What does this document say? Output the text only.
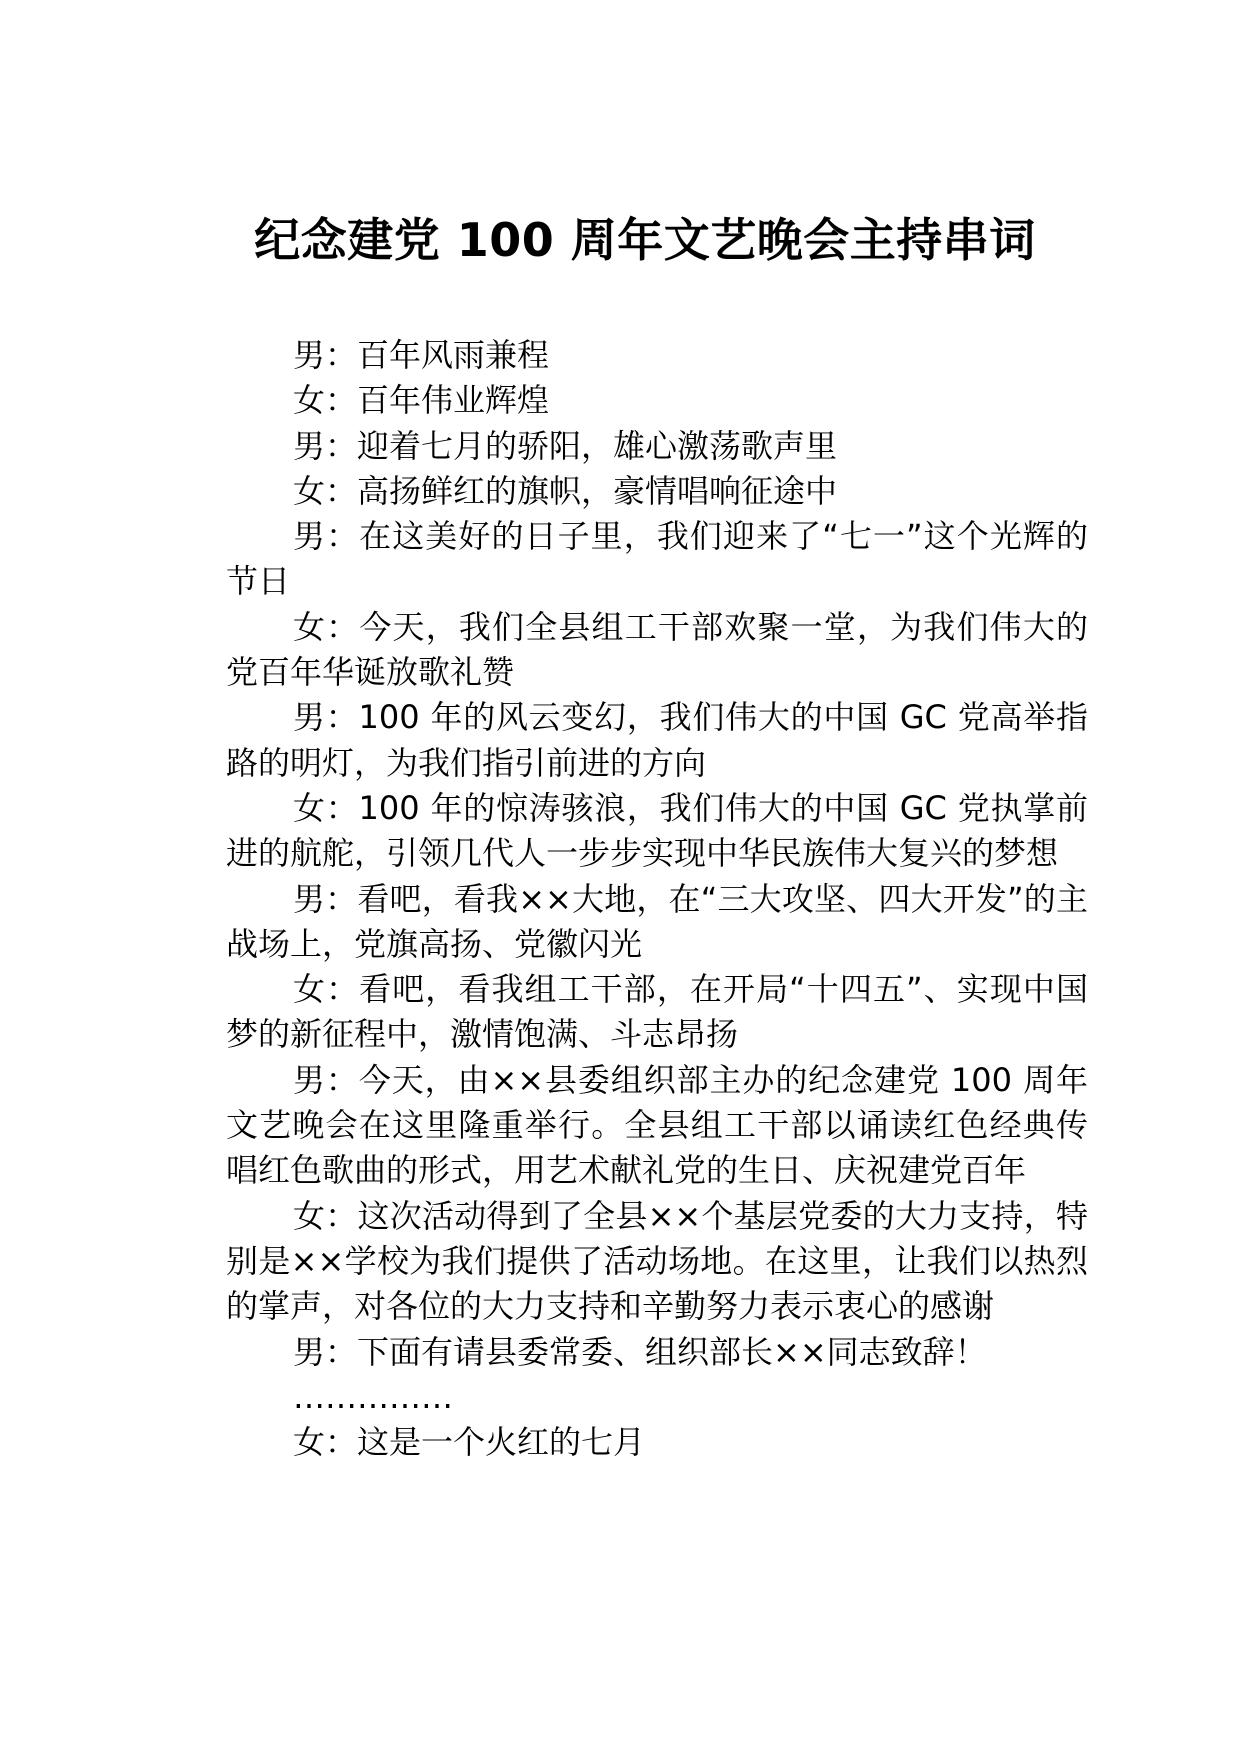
纪念建党 100 周年文艺晚会主持串词

男：百年风雨兼程

女：百年伟业辉煌

男：迎着七月的骄阳，雄心激荡歌声里

女：高扬鲜红的旗帜，豪情唱响征途中

男：在这美好的日子里，我们迎来了“七一”这个光辉的节日

女：今天，我们全县组工干部欢聚一堂，为我们伟大的党百年华诞放歌礼赞

男：100 年的风云变幻，我们伟大的中国 GC 党高举指路的明灯，为我们指引前进的方向

女：100 年的惊涛骇浪，我们伟大的中国 GC 党执掌前进的航舵，引领几代人一步步实现中华民族伟大复兴的梦想

男：看吧，看我××大地，在“三大攻坚、四大开发”的主战场上，党旗高扬、党徽闪光

女：看吧，看我组工干部，在开局“十四五”、实现中国梦的新征程中，激情饱满、斗志昂扬

男：今天，由××县委组织部主办的纪念建党 100 周年文艺晚会在这里隆重举行。全县组工干部以诵读红色经典传唱红色歌曲的形式，用艺术献礼党的生日、庆祝建党百年

女：这次活动得到了全县××个基层党委的大力支持，特别是××学校为我们提供了活动场地。在这里，让我们以热烈的掌声，对各位的大力支持和辛勤努力表示衷心的感谢

男：下面有请县委常委、组织部长××同志致辞！

……………

女：这是一个火红的七月
